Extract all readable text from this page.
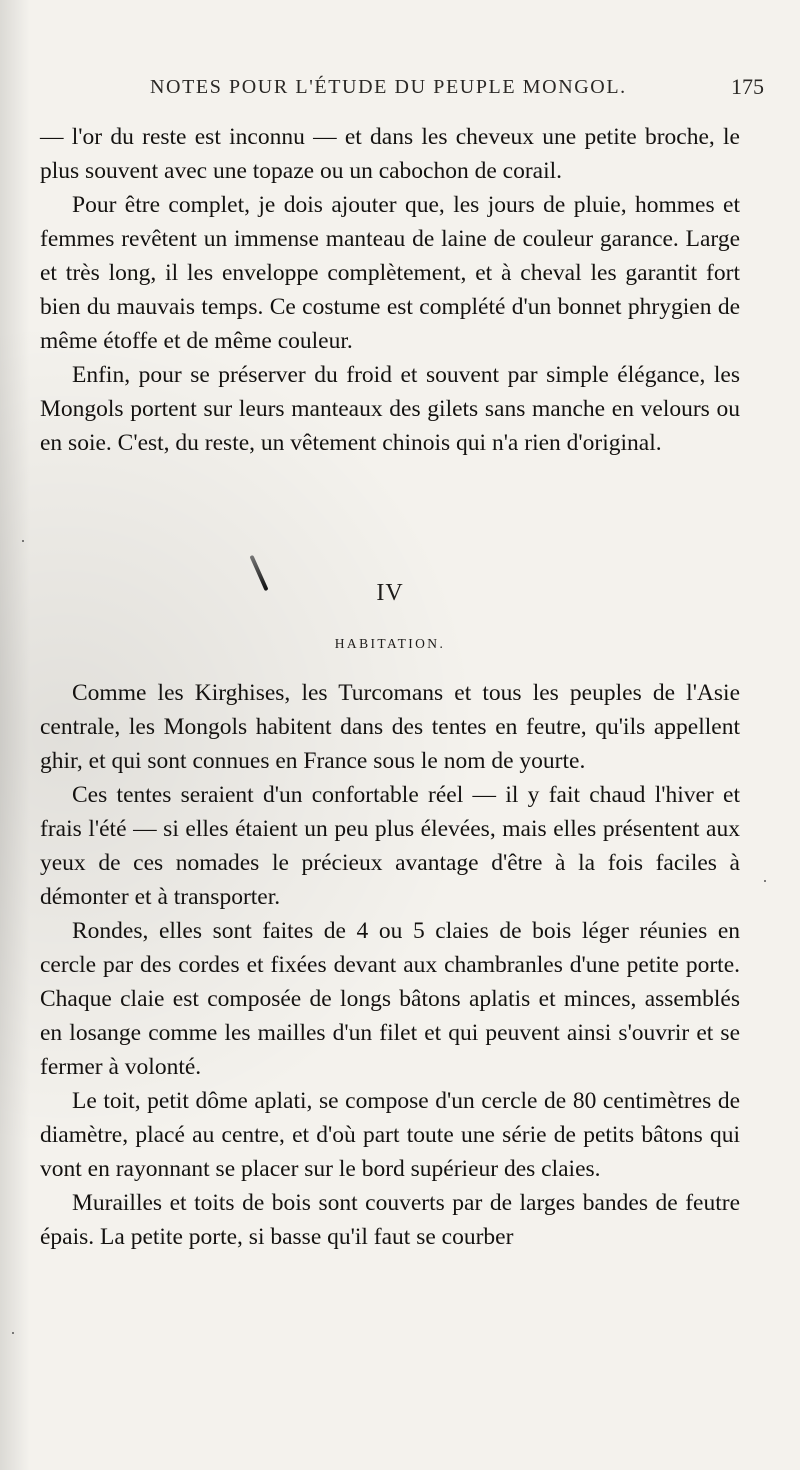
NOTES POUR L'ÉTUDE DU PEUPLE MONGOL.	175

— l'or du reste est inconnu — et dans les cheveux une petite broche, le plus souvent avec une topaze ou un cabochon de corail.

Pour être complet, je dois ajouter que, les jours de pluie, hommes et femmes revêtent un immense manteau de laine de couleur garance. Large et très long, il les enveloppe complètement, et à cheval les garantit fort bien du mauvais temps. Ce costume est complété d'un bonnet phrygien de même étoffe et de même couleur.

Enfin, pour se préserver du froid et souvent par simple élégance, les Mongols portent sur leurs manteaux des gilets sans manche en velours ou en soie. C'est, du reste, un vêtement chinois qui n'a rien d'original.

IV
HABITATION.

Comme les Kirghises, les Turcomans et tous les peuples de l'Asie centrale, les Mongols habitent dans des tentes en feutre, qu'ils appellent ghir, et qui sont connues en France sous le nom de yourte.

Ces tentes seraient d'un confortable réel — il y fait chaud l'hiver et frais l'été — si elles étaient un peu plus élevées, mais elles présentent aux yeux de ces nomades le précieux avantage d'être à la fois faciles à démonter et à transporter.

Rondes, elles sont faites de 4 ou 5 claies de bois léger réunies en cercle par des cordes et fixées devant aux chambranles d'une petite porte. Chaque claie est composée de longs bâtons aplatis et minces, assemblés en losange comme les mailles d'un filet et qui peuvent ainsi s'ouvrir et se fermer à volonté.

Le toit, petit dôme aplati, se compose d'un cercle de 80 centimètres de diamètre, placé au centre, et d'où part toute une série de petits bâtons qui vont en rayonnant se placer sur le bord supérieur des claies.

Murailles et toits de bois sont couverts par de larges bandes de feutre épais. La petite porte, si basse qu'il faut se courber
